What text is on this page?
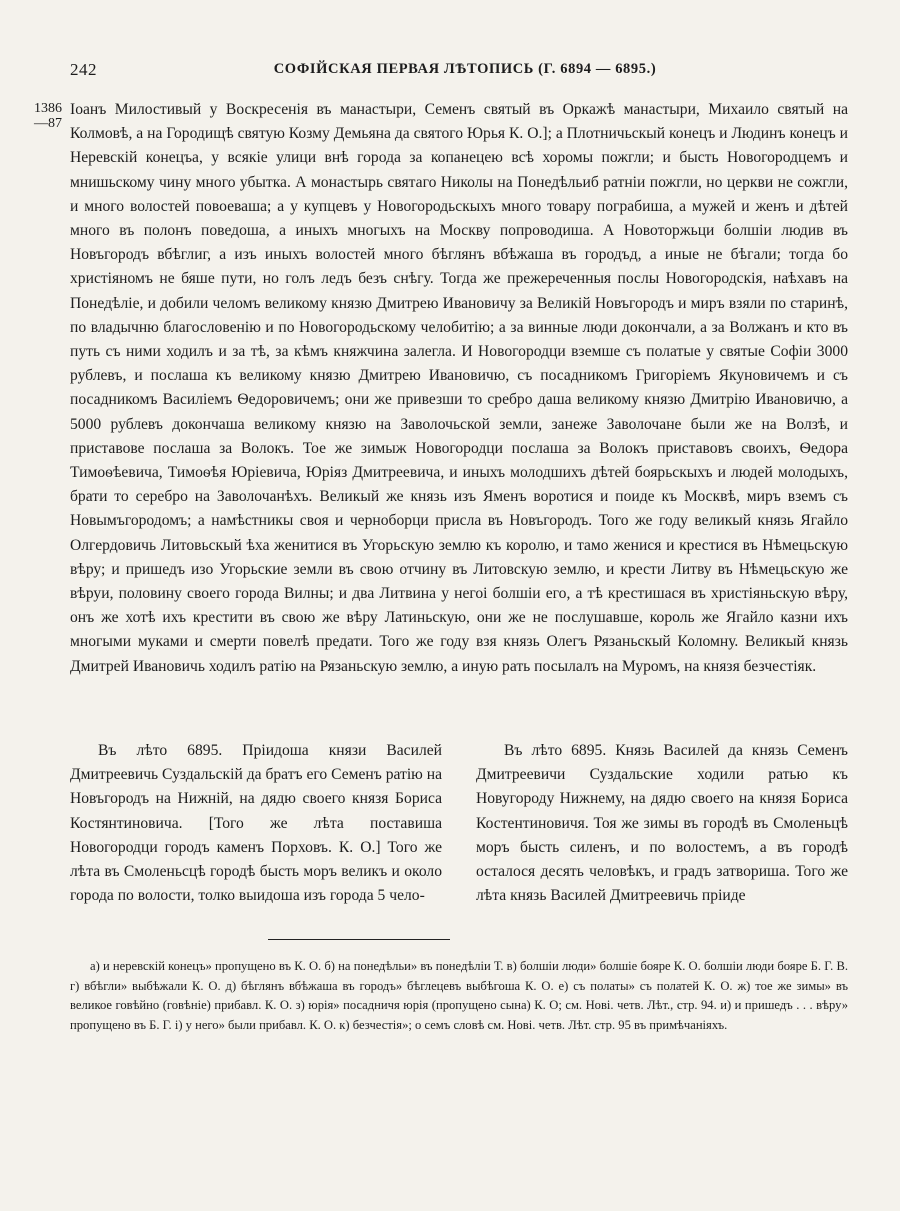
242	СОФІЙСКАЯ ПЕРВАЯ ЛѢТОПИСЬ (Г. 6894 — 6895.)
1386
—87

Іоанъ Милостивый у Воскресенія въ манастыри, Семенъ святый въ Оркажѣ манастыри, Михаило святый на Колмовѣ, а на Городищѣ святую Козму Демьяна да святого Юрья К. О.]; а Плотничьскый конецъ и Людинъ конецъ и Неревскій конецъа, у всякіе улици внѣ города за копанецею всѣ хоромы пожгли; и бысть Новогородцемъ и мнишьскому чину много убытка. А монастырь святаго Николы на Понедѣльиб ратніи пожгли, но церкви не сожгли, и много волостей повоеваша; а у купцевъ у Новогородьскыхъ много товару пограбиша, а мужей и женъ и дѣтей много въ полонъ поведоша, а иныхъ многыхъ на Москву попроводиша. А Новоторжьци болшіи людив въ Новъгородъ вбѣглиг, а изъ иныхъ волостей много бѣглянъ вбѣжаша въ городъд, а иные не бѣгали; тогда бо христіяномъ не бяше пути, но голъ ледъ безъ снѣгу. Тогда же прежереченныя послы Новогородскія, наѣхавъ на Понедѣліе, и добили челомъ великому князю Дмитрею Ивановичу за Великій Новъгородъ и миръ взяли по старинѣ, по владычню благословенію и по Новогородьскому челобитію; а за винные люди докончали, а за Волжанъ и кто въ путь съ ними ходилъ и за тѣ, за кѣмъ княжчина залегла. И Новогородци вземше съ полатые у святые Софіи 3000 рублевъ, и послаша къ великому князю Дмитрею Ивановичю, съ посадникомъ Григоріемъ Якуновичемъ и съ посадникомъ Василіемъ Ѳедоровичемъ; они же привезши то сребро даша великому князю Дмитрію Ивановичю, а 5000 рублевъ докончаша великому князю на Заволочьской земли, занеже Заволочане были же на Волзѣ, и приставове послаша за Волокъ. Тое же зимыж Новогородци послаша за Волокъ приставовъ своихъ, Ѳедора Тимоѳѣевича, Тимоѳѣя Юріевича, Юріяз Дмитреевича, и иныхъ молодшихъ дѣтей боярьскыхъ и людей молодыхъ, брати то серебро на Заволочанѣхъ. Великый же князь изъ Яменъ воротися и поиде къ Москвѣ, миръ вземъ съ Новымъгородомъ; а намѣстникы своя и черноборци присла въ Новъгородъ. Того же году великый князь Ягайло Олгердовичь Литовьскый ѣха женитися въ Угорьскую землю къ королю, и тамо женися и крестися въ Нѣмецьскую вѣру; и пришедъ изо Угорьские земли въ свою отчину въ Литовскую землю, и крести Литву въ Нѣмецьскую же вѣруи, половину своего города Вилны; и два Литвина у негоі болшіи его, а тѣ крестишася въ христіяньскую вѣру, онъ же хотѣ ихъ крестити въ свою же вѣру Латиньскую, они же не послушавше, король же Ягайло казни ихъ многыми муками и смерти повелѣ предати. Того же году взя князь Олегъ Рязаньскый Коломну. Великый князь Дмитрей Ивановичь ходилъ ратію на Рязаньскую землю, а иную рать посылалъ на Муромъ, на князя безчестіяк.

Въ лѣто 6895. Пріидоша князи Василей Дмитреевичь Суздальскій да братъ его Семенъ ратію на Новъгородъ на Нижній, на дядю своего князя Бориса Костянтиновича. [Того же лѣта поставиша Новогородци городъ каменъ Порховъ. К. О.] Того же лѣта въ Смоленьсцѣ городѣ бысть моръ великъ и около города по волости, толко выидоша изъ города 5 чело-

Въ лѣто 6895. Князь Василей да князь Семенъ Дмитреевичи Суздальские ходили ратью къ Новугороду Нижнему, на дядю своего на князя Бориса Костентиновичя. Тоя же зимы въ городѣ въ Смоленьцѣ моръ бысть силенъ, и по волостемъ, а въ городѣ осталося десять человѣкъ, и градъ затвориша. Того же лѣта князь Василей Дмитреевичь пріиде

а) и неревскій конецъ» пропущено въ К. О. б) на понедѣльи» въ понедѣліи Т. в) болшіи люди» болшіе бояре К. О. болшіи люди бояре Б. Г. В. г) вбѣгли» выбѣжали К. О. д) бѣглянъ вбѣжаша въ городъ» бѣглецевъ выбѣгоша К. О. е) съ полаты» съ полатей К. О. ж) тое же зимы» въ великое говѣйно (говѣніе) прибавл. К. О. з) юрія» посадничя юрія (пропущено сына) К. О; см. Нові. четв. Лѣт., стр. 94. и) и пришедъ . . . вѣру» пропущено въ Б. Г. і) у него» были прибавл. К. О. к) безчестія»; о семъ словѣ см. Нові. четв. Лѣт. стр. 95 въ примѣчаніяхъ.
